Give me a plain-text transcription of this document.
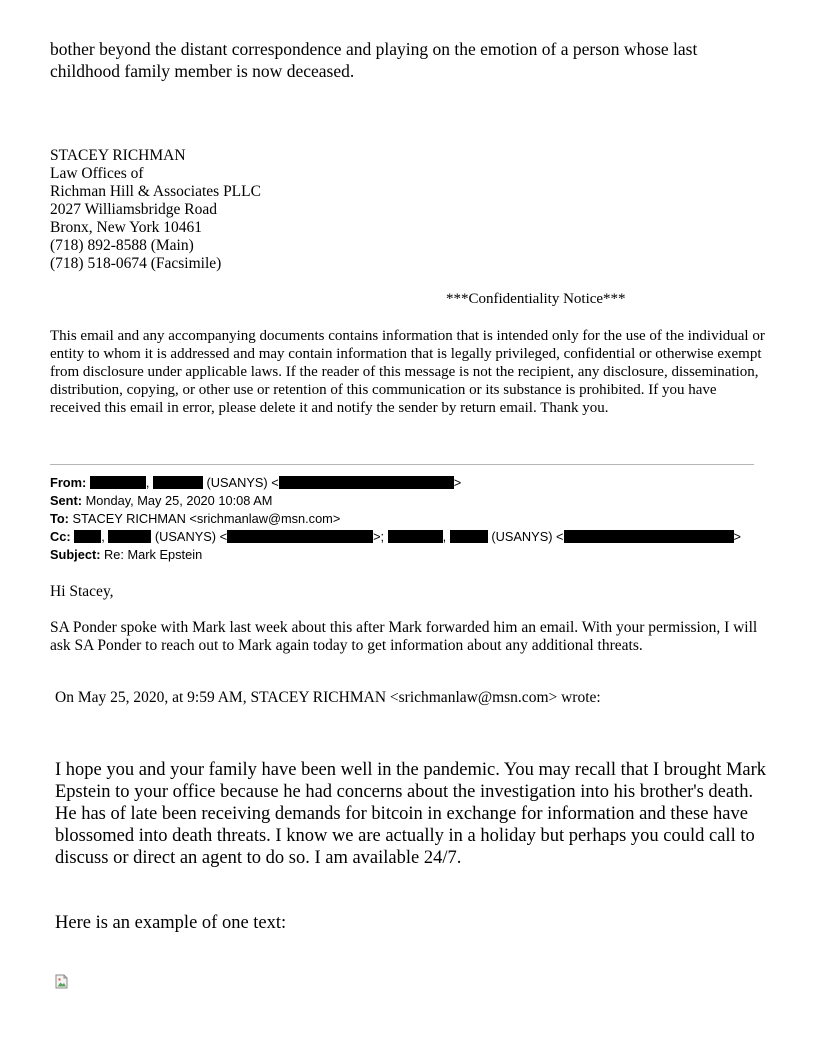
bother beyond the distant correspondence and playing on the emotion of a person whose last childhood family member is now deceased.
STACEY RICHMAN
Law Offices of
Richman Hill & Associates PLLC
2027 Williamsbridge Road
Bronx, New York 10461
(718) 892-8588 (Main)
(718) 518-0674 (Facsimile)
***Confidentiality Notice***
This email and any accompanying documents contains information that is intended only for the use of the individual or entity to whom it is addressed and may contain information that is legally privileged, confidential or otherwise exempt from disclosure under applicable laws. If the reader of this message is not the recipient, any disclosure, dissemination, distribution, copying, or other use or retention of this communication or its substance is prohibited. If you have received this email in error, please delete it and notify the sender by return email. Thank you.
From:	,	(USANYS) <	>
Sent: Monday, May 25, 2020 10:08 AM
To: STACEY RICHMAN <srichmanlaw@msn.com>
Cc: ,	(USANYS) <	>;	,	(USANYS) <	>
Subject: Re: Mark Epstein
Hi Stacey,
SA Ponder spoke with Mark last week about this after Mark forwarded him an email. With your permission, I will ask SA Ponder to reach out to Mark again today to get information about any additional threats.
On May 25, 2020, at 9:59 AM, STACEY RICHMAN <srichmanlaw@msn.com> wrote:
I hope you and your family have been well in the pandemic. You may recall that I brought Mark Epstein to your office because he had concerns about the investigation into his brother's death. He has of late been receiving demands for bitcoin in exchange for information and these have blossomed into death threats. I know we are actually in a holiday but perhaps you could call to discuss or direct an agent to do so. I am available 24/7.
Here is an example of one text:
